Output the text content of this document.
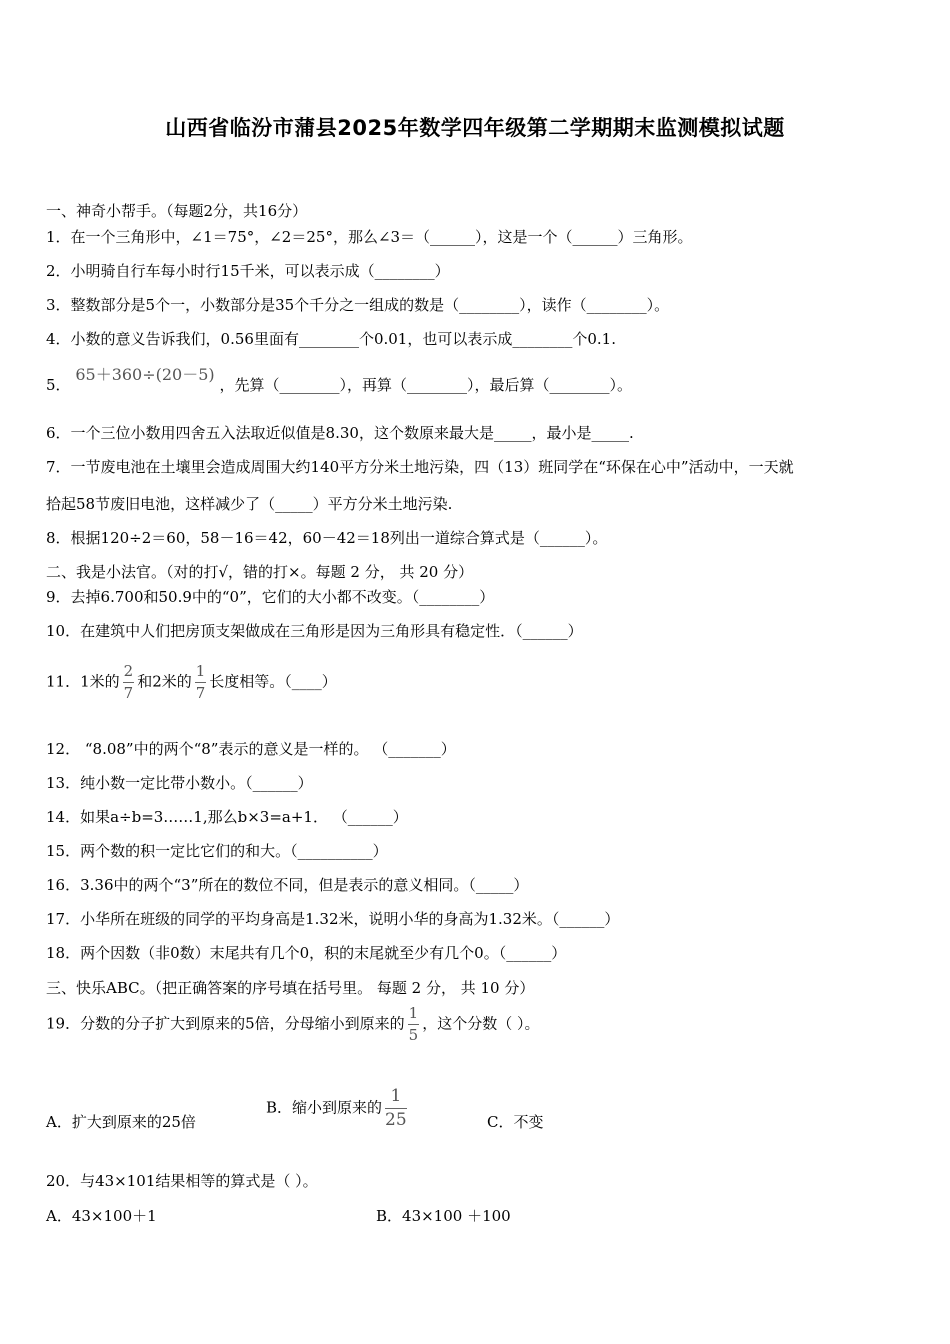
山西省临汾市蒲县2025年数学四年级第二学期期末监测模拟试题
一、神奇小帮手。（每题2分，共16分）
1．在一个三角形中，∠1＝75°，∠2＝25°，那么∠3＝（______），这是一个（______）三角形。
2．小明骑自行车每小时行15千米，可以表示成（________）
3．整数部分是5个一，小数部分是35个千分之一组成的数是（________），读作（________）。
4．小数的意义告诉我们，0.56里面有________个0.01，也可以表示成________个0.1.
5． 65＋360÷(20－5) ，先算（________），再算（________），最后算（________）。
6．一个三位小数用四舍五入法取近似值是8.30，这个数原来最大是_____，最小是_____.
7．一节废电池在土壤里会造成周围大约140平方分米土地污染，四（13）班同学在“环保在心中”活动中，一天就
拾起58节废旧电池，这样减少了（_____）平方分米土地污染.
8．根据120÷2＝60，58－16＝42，60－42＝18列出一道综合算式是（______）。
二、我是小法官。（对的打√，错的打×。每题 2 分， 共 20 分）
9．去掉6.700和50.9中的“0”，它们的大小都不改变。（________）
10．在建筑中人们把房顶支架做成在三角形是因为三角形具有稳定性．（______）
11．1米的 $\frac{2}{7}$ 和2米的 $\frac{1}{7}$ 长度相等。（____）
12． “8.08”中的两个“8”表示的意义是一样的。 （_______）
13．纯小数一定比带小数小。（______）
14．如果a÷b=3……1,那么b×3=a+1． （______）
15．两个数的积一定比它们的和大。（__________）
16．3.36中的两个“3”所在的数位不同，但是表示的意义相同。（_____）
17．小华所在班级的同学的平均身高是1.32米，说明小华的身高为1.32米。（______）
18．两个因数（非0数）末尾共有几个0，积的末尾就至少有几个0。（______）
三、快乐ABC。（把正确答案的序号填在括号里。 每题 2 分， 共 10 分）
19．分数的分子扩大到原来的5倍，分母缩小到原来的 $\frac{1}{5}$ ，这个分数（ ）。
A．扩大到原来的25倍
B．缩小到原来的 $\frac{1}{25}$	C．不变
20．与43×101结果相等的算式是（ ）。
A．43×100＋1	B．43×100 ＋100
